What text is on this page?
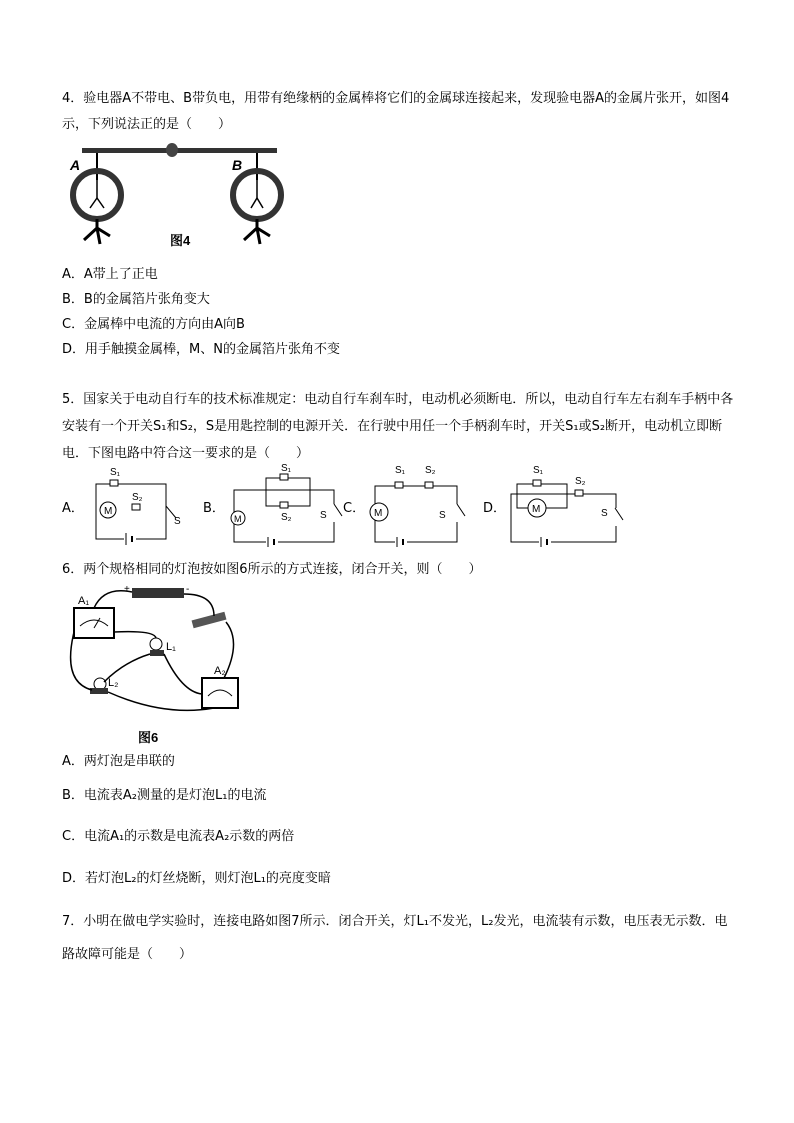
4．验电器A不带电、B带负电，用带有绝缘柄的金属棒将它们的金属球连接起来，发现验电器A的金属片张开，如图4示，下列说法正的是（　　）
A	B
图4
A．A带上了正电
B．B的金属箔片张角变大
C．金属棒中电流的方向由A向B
D．用手触摸金属棒，M、N的金属箔片张角不变
5．国家关于电动自行车的技术标准规定：电动自行车刹车时，电动机必须断电．所以，电动自行车左右刹车手柄中各安装有一个开关S₁和S₂，S是用匙控制的电源开关．在行驶中用任一个手柄刹车时，开关S₁或S₂断开，电动机立即断电．下图电路中符合这一要求的是（　　）
A．	B．	C．	D．
M
S₁
S₂
S
S₁
S₂	S
M
S₁ S₂
S
M
S₁
S₂
S
M
6．两个规格相同的灯泡按如图6所示的方式连接，闭合开关，则（　　）
+	-
A₁
L₁
L₂
A₂
图6
A．两灯泡是串联的
B．电流表A₂测量的是灯泡L₁的电流
C．电流A₁的示数是电流表A₂示数的两倍
D．若灯泡L₂的灯丝烧断，则灯泡L₁的亮度变暗
7．小明在做电学实验时，连接电路如图7所示．闭合开关，灯L₁不发光，L₂发光，电流装有示数，电压表无示数．电路故障可能是（　　）
